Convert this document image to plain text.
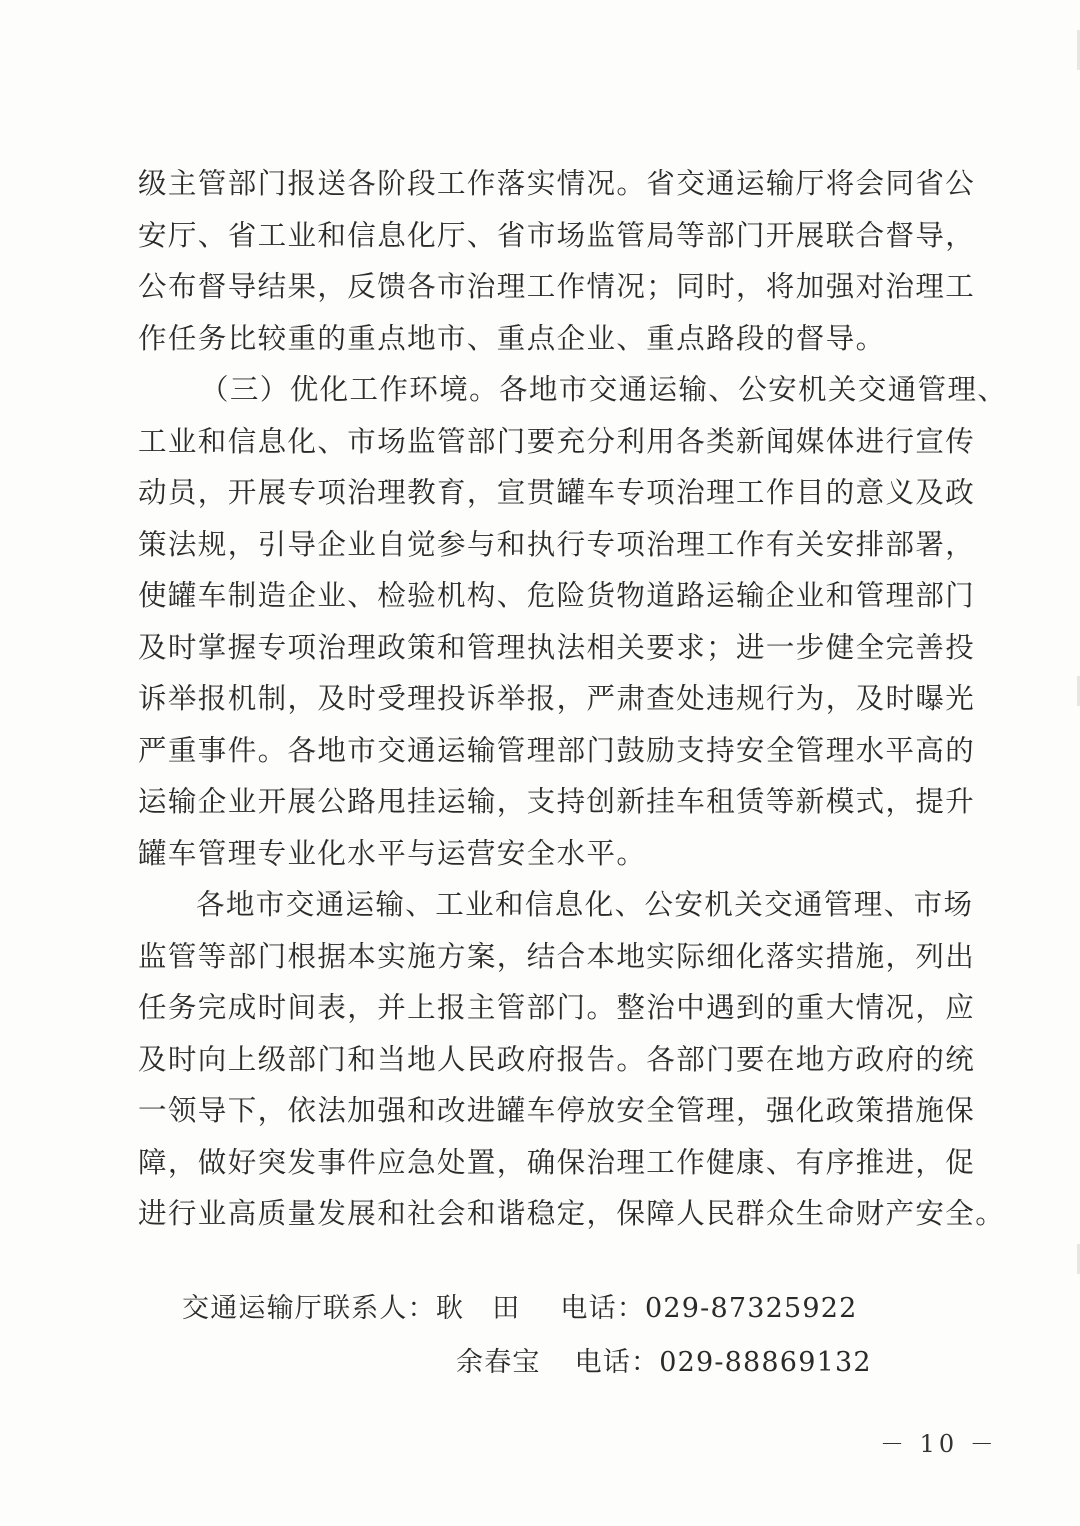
级主管部门报送各阶段工作落实情况。省交通运输厅将会同省公
安厅、省工业和信息化厅、省市场监管局等部门开展联合督导，
公布督导结果，反馈各市治理工作情况；同时，将加强对治理工
作任务比较重的重点地市、重点企业、重点路段的督导。
（三）优化工作环境。各地市交通运输、公安机关交通管理、
工业和信息化、市场监管部门要充分利用各类新闻媒体进行宣传
动员，开展专项治理教育，宣贯罐车专项治理工作目的意义及政
策法规，引导企业自觉参与和执行专项治理工作有关安排部署，
使罐车制造企业、检验机构、危险货物道路运输企业和管理部门
及时掌握专项治理政策和管理执法相关要求；进一步健全完善投
诉举报机制，及时受理投诉举报，严肃查处违规行为，及时曝光
严重事件。各地市交通运输管理部门鼓励支持安全管理水平高的
运输企业开展公路甩挂运输，支持创新挂车租赁等新模式，提升
罐车管理专业化水平与运营安全水平。
各地市交通运输、工业和信息化、公安机关交通管理、市场
监管等部门根据本实施方案，结合本地实际细化落实措施，列出
任务完成时间表，并上报主管部门。整治中遇到的重大情况，应
及时向上级部门和当地人民政府报告。各部门要在地方政府的统
一领导下，依法加强和改进罐车停放安全管理，强化政策措施保
障，做好突发事件应急处置，确保治理工作健康、有序推进，促
进行业高质量发展和社会和谐稳定，保障人民群众生命财产安全。
交通运输厅联系人：耿　田 电话：029-87325922
余春宝 电话：029-88869132
－ 10 －
